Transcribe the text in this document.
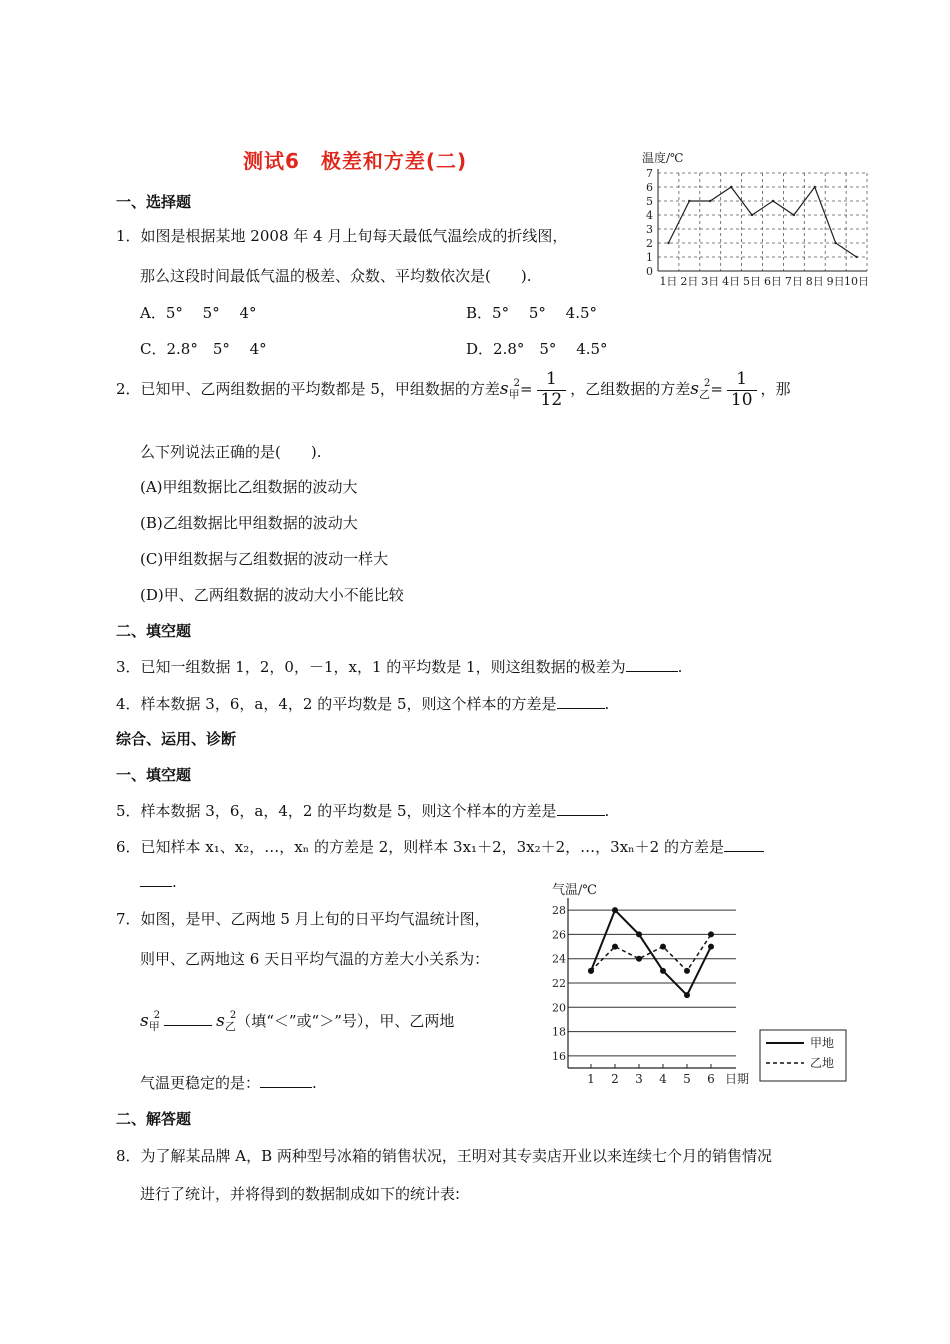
测试6　极差和方差(二)
一、选择题
1．如图是根据某地 2008 年 4 月上旬每天最低气温绘成的折线图，
那么这段时间最低气温的极差、众数、平均数依次是(　　).
A．5°　 5°　 4°	B．5°　 5°　 4.5°
C．2.8°　5°　 4°	D．2.8°　5°　 4.5°
温度/℃
0
1
2
3
4
5
6
7
1日 2日 3日 4日 5日 6日 7日 8日 9日 10日
2．已知甲、乙两组数据的平均数都是 5，甲组数据的方差$s_甲^2= \frac{1}{12}$ ，乙组数据的方差$s_乙^2= \frac{1}{10}$ ，那
么下列说法正确的是(　　).
(A)甲组数据比乙组数据的波动大
(B)乙组数据比甲组数据的波动大
(C)甲组数据与乙组数据的波动一样大
(D)甲、乙两组数据的波动大小不能比较
二、填空题
3．已知一组数据 1，2，0，－1，x，1 的平均数是 1，则这组数据的极差为	.
4．样本数据 3，6，a，4，2 的平均数是 5，则这个样本的方差是	.
综合、运用、诊断
一、填空题
5．样本数据 3，6，a，4，2 的平均数是 5，则这个样本的方差是	.
6．已知样本 x₁、x₂，…，xₙ 的方差是 2，则样本 3x₁＋2，3x₂＋2，…，3xₙ＋2 的方差是
.
7．如图，是甲、乙两地 5 月上旬的日平均气温统计图，
则甲、乙两地这 6 天日平均气温的方差大小关系为：
$s_甲^2$	$s_乙^2$（填“＜”或“＞”号），甲、乙两地
气温更稳定的是：	.
气温/℃
16
18
20
22
24
26
28
1 2 3 4 5 6 日期
甲地
乙地
二、解答题
8．为了解某品牌 A，B 两种型号冰箱的销售状况，王明对其专卖店开业以来连续七个月的销售情况
进行了统计，并将得到的数据制成如下的统计表:
